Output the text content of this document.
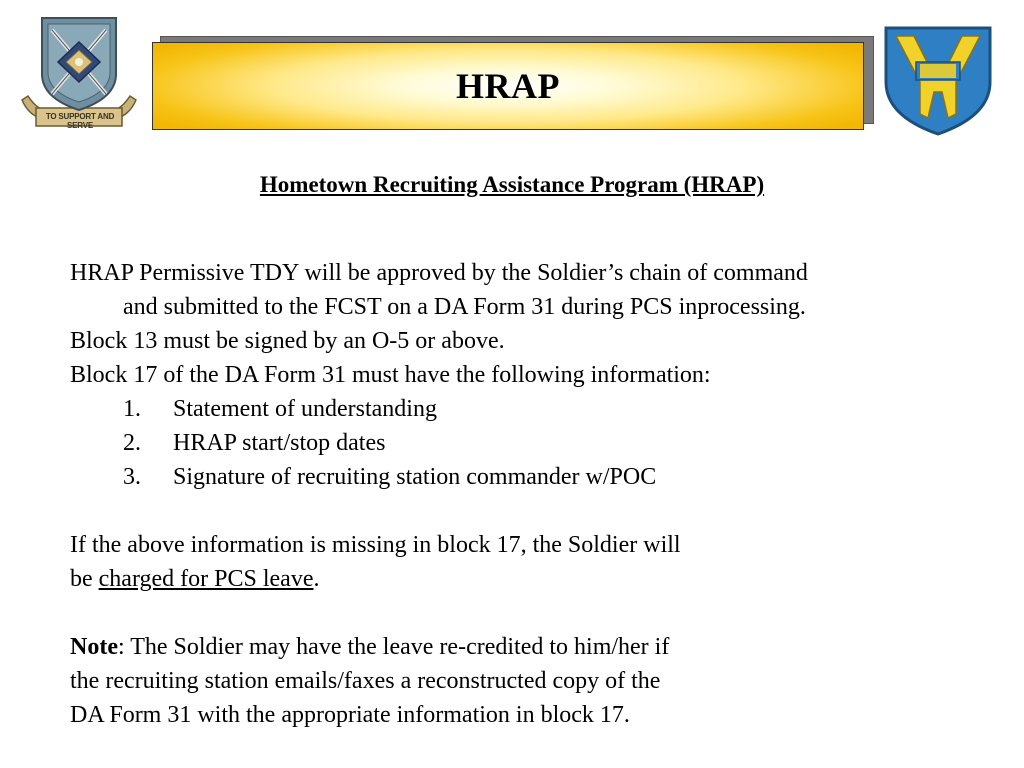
TO SUPPORT AND SERVE
HRAP
Hometown Recruiting Assistance Program (HRAP)
HRAP Permissive TDY will be approved by the Soldier’s chain of command
and submitted to the FCST on a DA Form 31 during PCS inprocessing.
Block 13 must be signed by an O-5 or above.
Block 17 of the DA Form 31 must have the following information:
1.	Statement of understanding
2.	HRAP start/stop dates
3.	Signature of recruiting station commander w/POC
If the above information is missing in block 17, the Soldier will
be charged for PCS leave.
Note: The Soldier may have the leave re-credited to him/her if
the recruiting station emails/faxes a reconstructed copy of the
DA Form 31 with the appropriate information in block 17.
